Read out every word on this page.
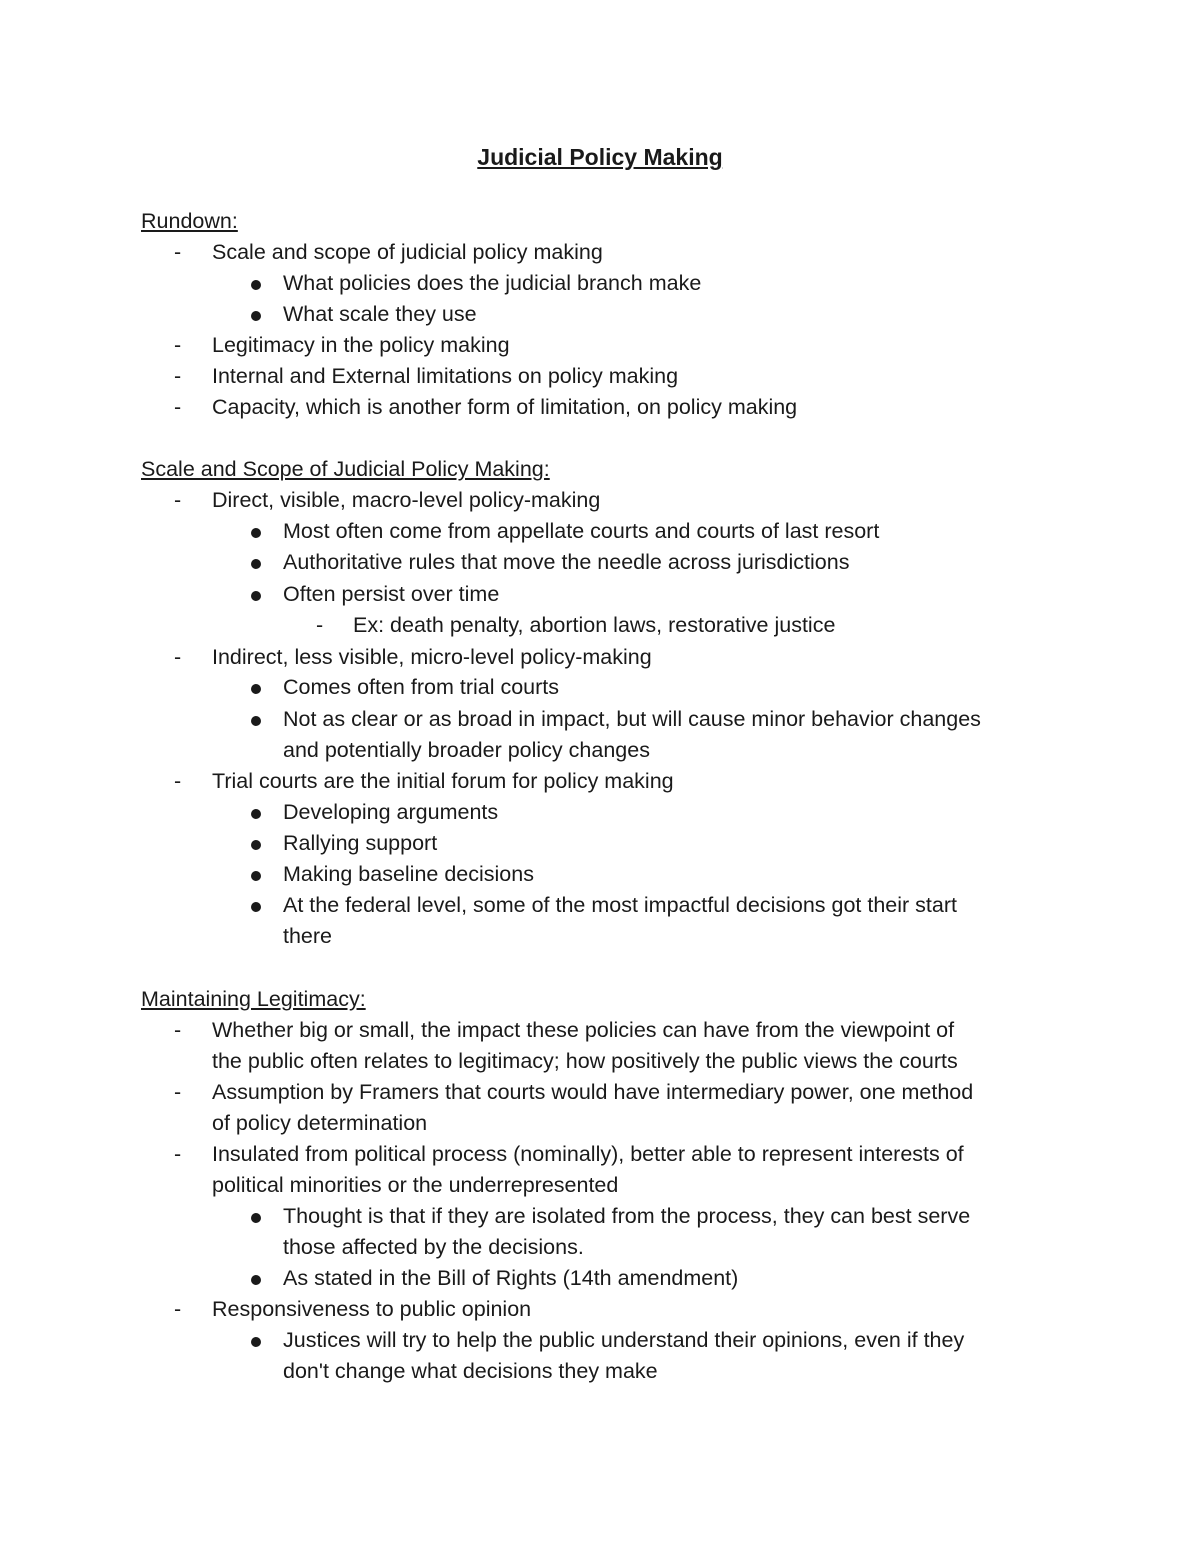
Judicial Policy Making
Rundown:
- Scale and scope of judicial policy making
What policies does the judicial branch make
What scale they use
- Legitimacy in the policy making
- Internal and External limitations on policy making
- Capacity, which is another form of limitation, on policy making
Scale and Scope of Judicial Policy Making:
- Direct, visible, macro-level policy-making
Most often come from appellate courts and courts of last resort
Authoritative rules that move the needle across jurisdictions
Often persist over time
- Ex: death penalty, abortion laws, restorative justice
- Indirect, less visible, micro-level policy-making
Comes often from trial courts
Not as clear or as broad in impact, but will cause minor behavior changes
and potentially broader policy changes
- Trial courts are the initial forum for policy making
Developing arguments
Rallying support
Making baseline decisions
At the federal level, some of the most impactful decisions got their start
there
Maintaining Legitimacy:
- Whether big or small, the impact these policies can have from the viewpoint of
the public often relates to legitimacy; how positively the public views the courts
- Assumption by Framers that courts would have intermediary power, one method
of policy determination
- Insulated from political process (nominally), better able to represent interests of
political minorities or the underrepresented
Thought is that if they are isolated from the process, they can best serve
those affected by the decisions.
As stated in the Bill of Rights (14th amendment)
- Responsiveness to public opinion
Justices will try to help the public understand their opinions, even if they
don't change what decisions they make
